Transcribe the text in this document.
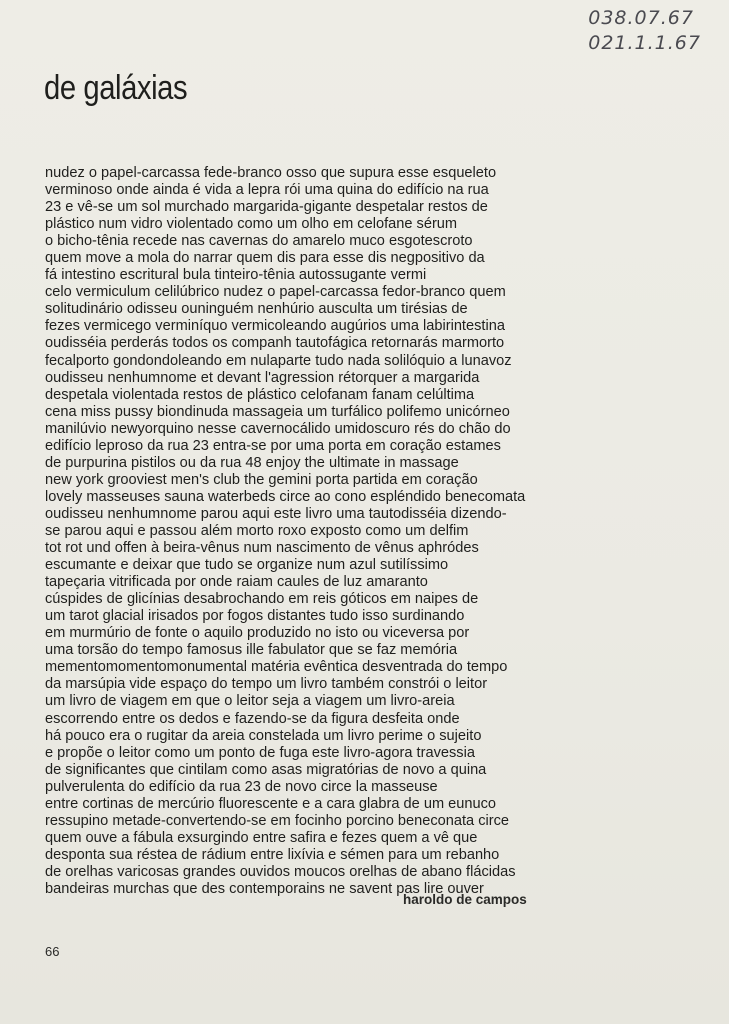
038.07.67
021.1.1.67
de galáxias
nudez o papel-carcassa fede-branco osso que supura esse esqueleto
verminoso onde ainda é vida a lepra rói uma quina do edifício na rua
23 e vê-se um sol murchado margarida-gigante despetalar restos de
plástico num vidro violentado como um olho em celofane sérum
o bicho-tênia recede nas cavernas do amarelo muco esgotescroto
quem move a mola do narrar quem dis para esse dis negpositivo da
fá intestino escritural bula tinteiro-tênia autossugante vermi
celo vermiculum celilúbrico nudez o papel-carcassa fedor-branco quem
solitudinário odisseu ouninguém nenhúrio ausculta um tirésias de
fezes vermicego verminíquo vermicoleando augúrios uma labirintestina
oudisséia perderás todos os companh tautofágica retornarás marmorto
fecalporto gondondoleando em nulaparte tudo nada solilóquio a lunavoz
oudisseu nenhumnome et devant l'agression rétorquer a margarida
despetala violentada restos de plástico celofanam fanam celúltima
cena miss pussy biondinuda massageia um turfálico polifemo unicórneo
manilúvio newyorquino nesse cavernocálido umidoscuro rés do chão do
edifício leproso da rua 23 entra-se por uma porta em coração estames
de purpurina pistilos ou da rua 48 enjoy the ultimate in massage
new york grooviest men's club the gemini porta partida em coração
lovely masseuses sauna waterbeds circe ao cono espléndido benecomata
oudisseu nenhumnome parou aqui este livro uma tautodisséia dizendo-
se parou aqui e passou além morto roxo exposto como um delfim
tot rot und offen à beira-vênus num nascimento de vênus aphródes
escumante e deixar que tudo se organize num azul sutilíssimo
tapeçaria vitrificada por onde raiam caules de luz amaranto
cúspides de glicínias desabrochando em reis góticos em naipes de
um tarot glacial irisados por fogos distantes tudo isso surdinando
em murmúrio de fonte o aquilo produzido no isto ou viceversa por
uma torsão do tempo famosus ille fabulator que se faz memória
mementomomentomonumental matéria evêntica desventrada do tempo
da marsúpia vide espaço do tempo um livro também constrói o leitor
um livro de viagem em que o leitor seja a viagem um livro-areia
escorrendo entre os dedos e fazendo-se da figura desfeita onde
há pouco era o rugitar da areia constelada um livro perime o sujeito
e propõe o leitor como um ponto de fuga este livro-agora travessia
de significantes que cintilam como asas migratórias de novo a quina
pulverulenta do edifício da rua 23 de novo circe la masseuse
entre cortinas de mercúrio fluorescente e a cara glabra de um eunuco
ressupino metade-convertendo-se em focinho porcino beneconata circe
quem ouve a fábula exsurgindo entre safira e fezes quem a vê que
desponta sua réstea de rádium entre lixívia e sémen para um rebanho
de orelhas varicosas grandes ouvidos moucos orelhas de abano flácidas
bandeiras murchas que des contemporains ne savent pas lire ouver
haroldo de campos
66
